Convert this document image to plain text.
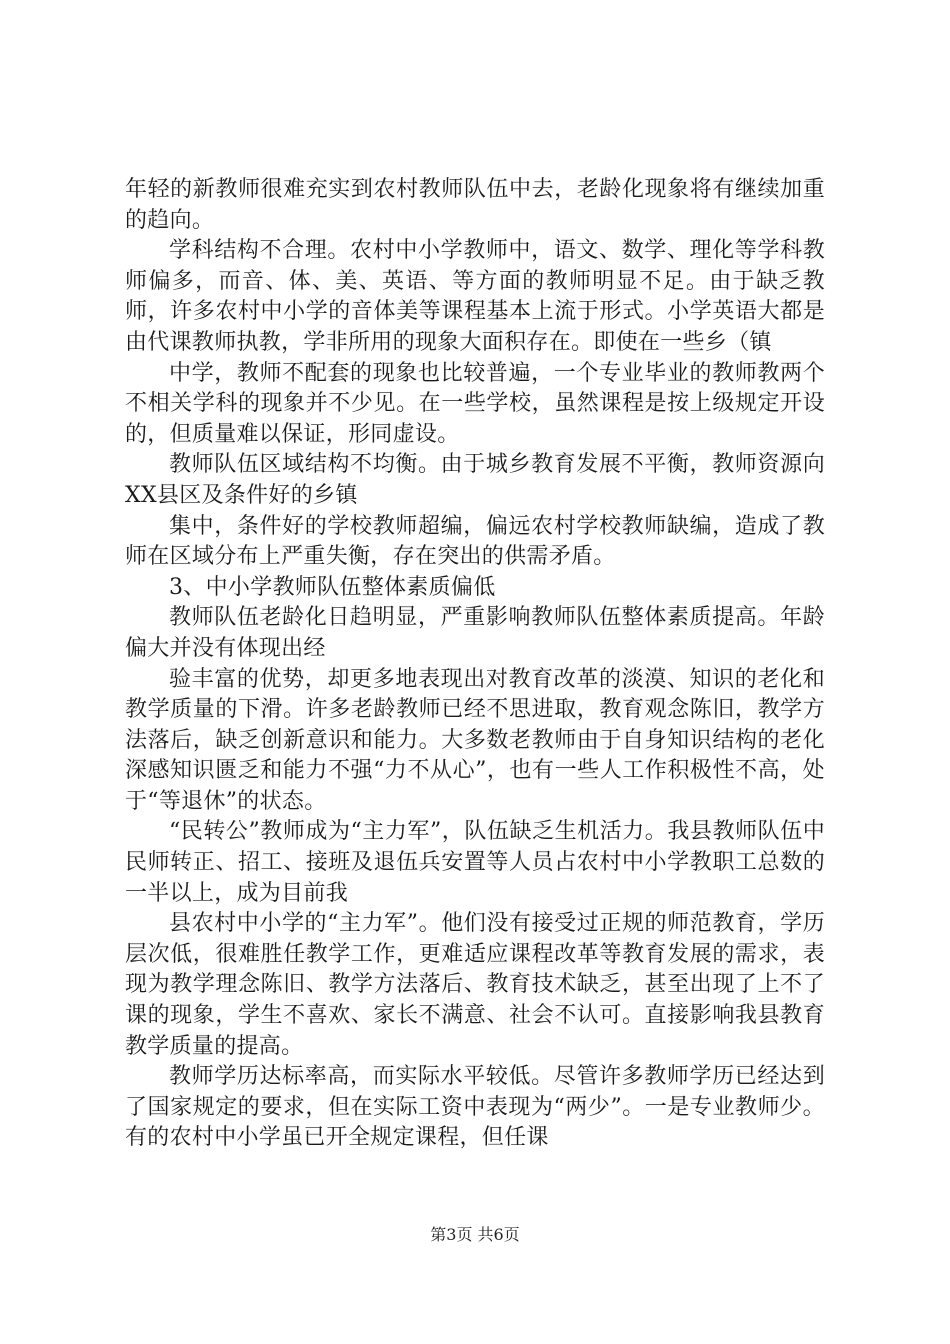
年轻的新教师很难充实到农村教师队伍中去，老龄化现象将有继续加重的趋向。

学科结构不合理。农村中小学教师中，语文、数学、理化等学科教师偏多，而音、体、美、英语、等方面的教师明显不足。由于缺乏教师，许多农村中小学的音体美等课程基本上流于形式。小学英语大都是由代课教师执教，学非所用的现象大面积存在。即使在一些乡（镇

中学，教师不配套的现象也比较普遍，一个专业毕业的教师教两个不相关学科的现象并不少见。在一些学校，虽然课程是按上级规定开设的，但质量难以保证，形同虚设。

教师队伍区域结构不均衡。由于城乡教育发展不平衡，教师资源向XX县区及条件好的乡镇

集中，条件好的学校教师超编，偏远农村学校教师缺编，造成了教师在区域分布上严重失衡，存在突出的供需矛盾。

3、中小学教师队伍整体素质偏低

教师队伍老龄化日趋明显，严重影响教师队伍整体素质提高。年龄偏大并没有体现出经

验丰富的优势，却更多地表现出对教育改革的淡漠、知识的老化和教学质量的下滑。许多老龄教师已经不思进取，教育观念陈旧，教学方法落后，缺乏创新意识和能力。大多数老教师由于自身知识结构的老化深感知识匮乏和能力不强“力不从心”，也有一些人工作积极性不高，处于“等退休”的状态。

“民转公”教师成为“主力军”，队伍缺乏生机活力。我县教师队伍中民师转正、招工、接班及退伍兵安置等人员占农村中小学教职工总数的一半以上，成为目前我

县农村中小学的“主力军”。他们没有接受过正规的师范教育，学历层次低，很难胜任教学工作，更难适应课程改革等教育发展的需求，表现为教学理念陈旧、教学方法落后、教育技术缺乏，甚至出现了上不了课的现象，学生不喜欢、家长不满意、社会不认可。直接影响我县教育教学质量的提高。

教师学历达标率高，而实际水平较低。尽管许多教师学历已经达到了国家规定的要求，但在实际工资中表现为“两少”。一是专业教师少。有的农村中小学虽已开全规定课程，但任课

第3页 共6页
